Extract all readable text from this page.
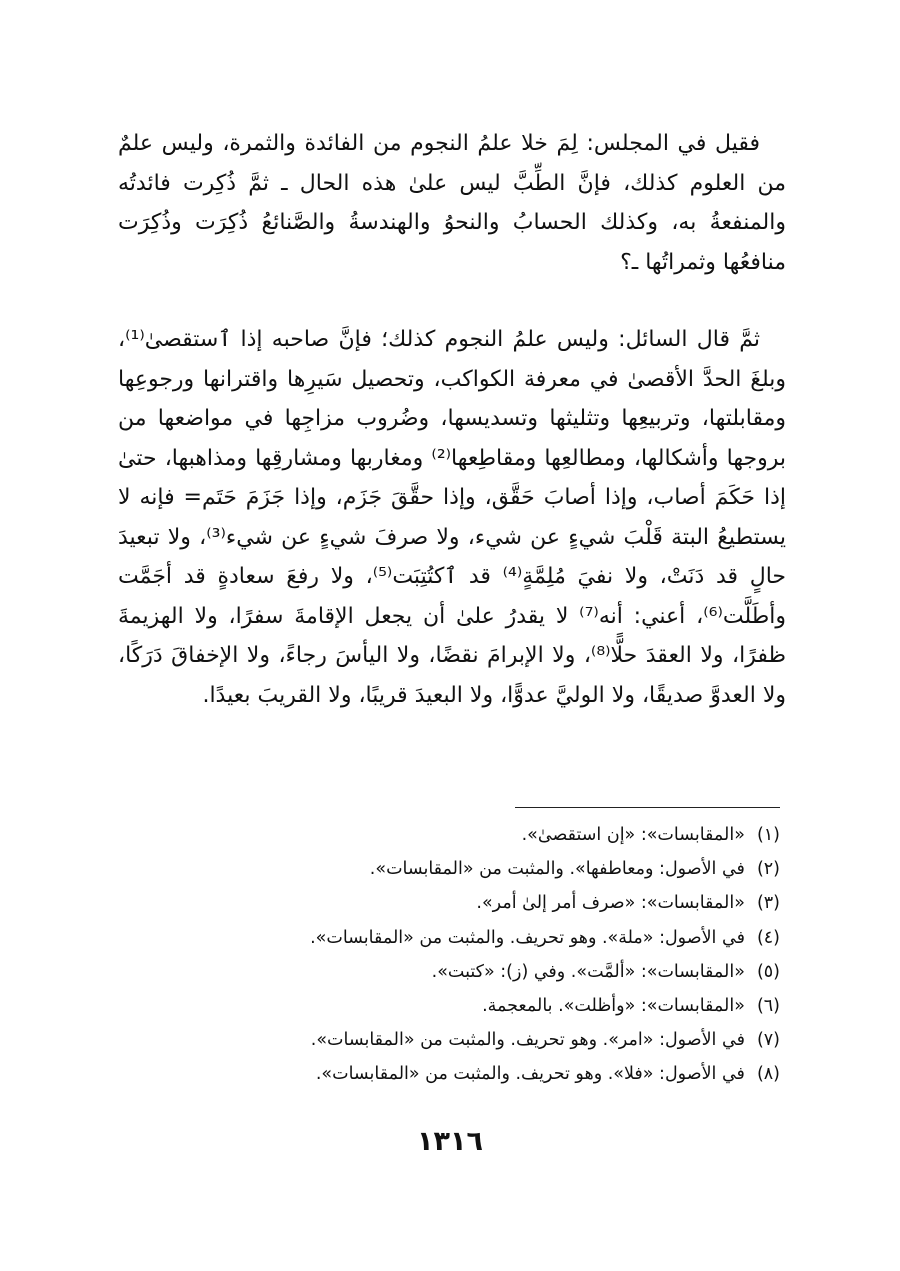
فقيل في المجلس: لِمَ خلا علمُ النجوم من الفائدة والثمرة، وليس علمٌ من العلوم كذلك، فإنَّ الطِّبَّ ليس علىٰ هذه الحال ـ ثمَّ ذُكِرت فائدتُه والمنفعةُ به، وكذلك الحسابُ والنحوُ والهندسةُ والصَّنائعُ ذُكِرَت وذُكِرَت منافعُها وثمراتُها ـ؟

ثمَّ قال السائل: وليس علمُ النجوم كذلك؛ فإنَّ صاحبه إذا ٱستقصىٰ⁽¹⁾، وبلغَ الحدَّ الأقصىٰ في معرفة الكواكب، وتحصيل سَيرِها واقترانها ورجوعِها ومقابلتها، وتربيعِها وتثليثها وتسديسها، وضُروب مزاجِها في مواضعها من بروجها وأشكالها، ومطالعِها ومقاطِعها⁽²⁾ ومغاربها ومشارقِها ومذاهبها، حتىٰ إذا حَكَمَ أصاب، وإذا أصابَ حَقَّق، وإذا حقَّقَ جَزَم، وإذا جَزَمَ حَتَم= فإنه لا يستطيعُ البتة قَلْبَ شيءٍ عن شيء، ولا صرفَ شيءٍ عن شيء⁽³⁾، ولا تبعيدَ حالٍ قد دَنَتْ، ولا نفيَ مُلِمَّةٍ⁽⁴⁾ قد ٱكتُتِبَت⁽⁵⁾، ولا رفعَ سعادةٍ قد أجَمَّت وأطَلَّت⁽⁶⁾، أعني: أنه⁽⁷⁾ لا يقدرُ علىٰ أن يجعل الإقامةَ سفرًا، ولا الهزيمةَ ظفرًا، ولا العقدَ حلًّا⁽⁸⁾، ولا الإبرامَ نقضًا، ولا اليأسَ رجاءً، ولا الإخفاقَ دَرَكًا، ولا العدوَّ صديقًا، ولا الوليَّ عدوًّا، ولا البعيدَ قريبًا، ولا القريبَ بعيدًا.

(١)«المقابسات»: «إن استقصىٰ».
(٢)في الأصول: ومعاطفها». والمثبت من «المقابسات».
(٣)«المقابسات»: «صرف أمر إلىٰ أمر».
(٤)في الأصول: «ملة». وهو تحريف. والمثبت من «المقابسات».
(٥)«المقابسات»: «ألمَّت». وفي (ز): «كتبت».
(٦)«المقابسات»: «وأظلت». بالمعجمة.
(٧)في الأصول: «امر». وهو تحريف. والمثبت من «المقابسات».
(٨)في الأصول: «فلا». وهو تحريف. والمثبت من «المقابسات».
١٣١٦
